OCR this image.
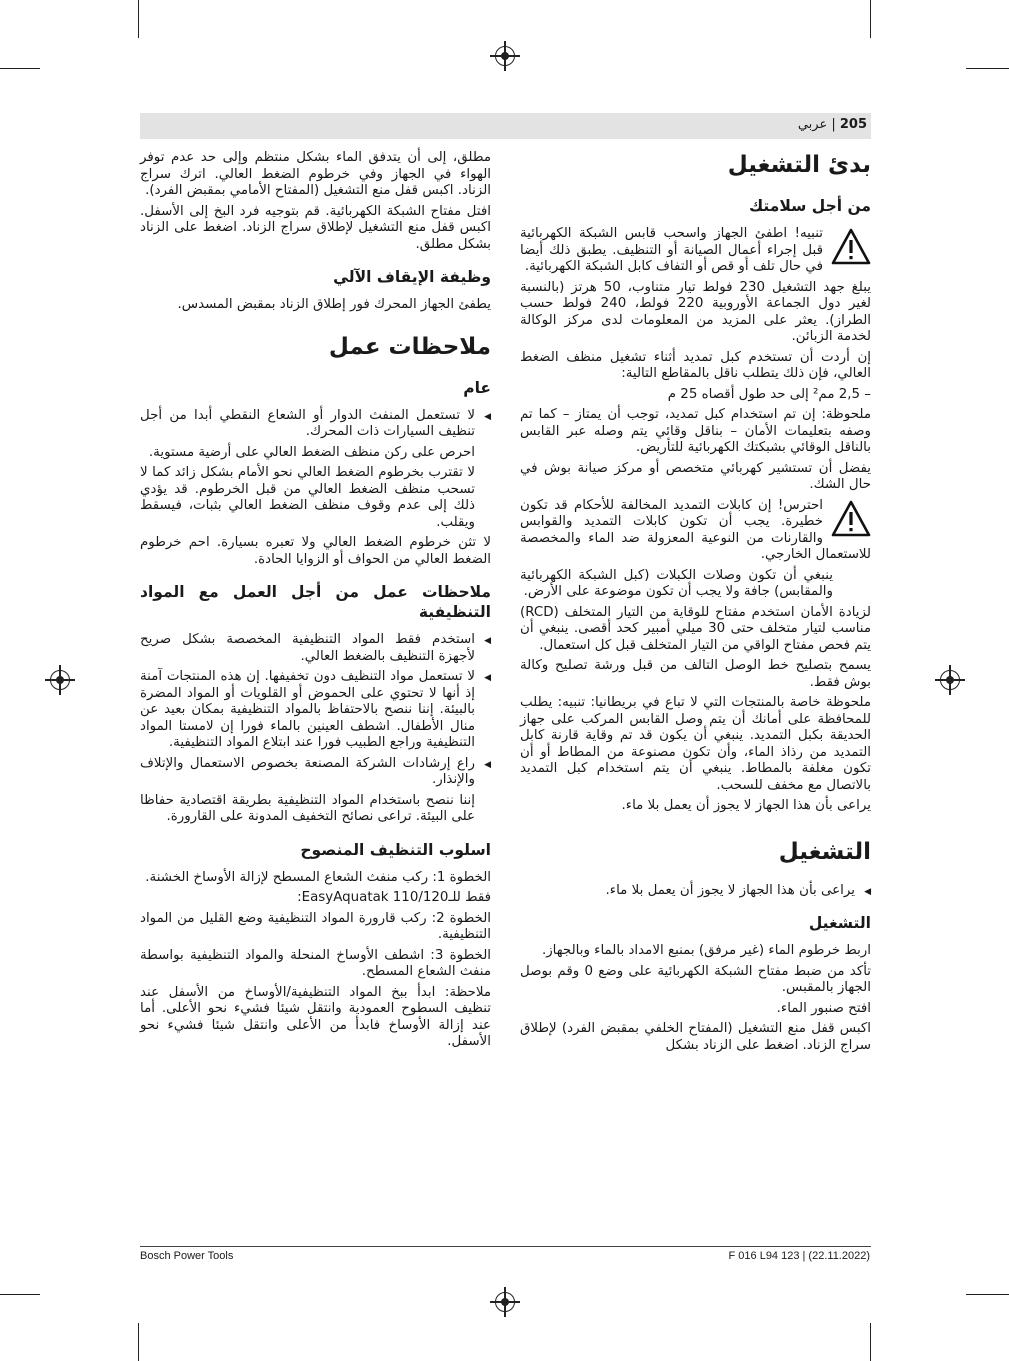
205 | عربي
بدئ التشغيل
من أجل سلامتك

تنبيه! اطفئ الجهاز واسحب قابس الشبكة الكهربائية قبل إجراء أعمال الصيانة أو التنظيف. يطبق ذلك أيضا في حال تلف أو قص أو التفاف كابل الشبكة الكهربائية.

يبلغ جهد التشغيل 230 فولط تيار متناوب، 50 هرتز (بالنسبة لغير دول الجماعة الأوروبية 220 فولط، 240 فولط حسب الطراز). يعثر على المزيد من المعلومات لدى مركز الوكالة لخدمة الزبائن.

إن أردت أن تستخدم كبل تمديد أثناء تشغيل منظف الضغط العالي، فإن ذلك يتطلب ناقل بالمقاطع التالية:

– 2,5 مم² إلى حد طول أقصاه 25 م

ملحوظة: إن تم استخدام كبل تمديد، توجب أن يمتاز – كما تم وصفه بتعليمات الأمان – بناقل وقائي يتم وصله عبر القابس بالناقل الوقائي بشبكتك الكهربائية للتأريض.

يفضل أن تستشير كهربائي متخصص أو مركز صيانة بوش في حال الشك.

احترس! إن كابلات التمديد المخالفة للأحكام قد تكون خطيرة. يجب أن تكون كابلات التمديد والقوابس والقارنات من النوعية المعزولة ضد الماء والمخصصة للاستعمال الخارجي.

ينبغي أن تكون وصلات الكبلات (كبل الشبكة الكهربائية والمقابس) جافة ولا يجب أن تكون موضوعة على الأرض.

لزيادة الأمان استخدم مفتاح للوقاية من التيار المتخلف (RCD) مناسب لتيار متخلف حتى 30 ميلي أمبير كحد أقصى. ينبغي أن يتم فحص مفتاح الواقي من التيار المتخلف قبل كل استعمال.

يسمح بتصليح خط الوصل التالف من قبل ورشة تصليح وكالة بوش فقط.

ملحوظة خاصة بالمنتجات التي لا تباع في بريطانيا: تنبيه: يطلب للمحافظة على أمانك أن يتم وصل القابس المركب على جهاز الحديقة بكبل التمديد. ينبغي أن يكون قد تم وقاية قارنة كابل التمديد من رذاذ الماء، وأن تكون مصنوعة من المطاط أو أن تكون مغلفة بالمطاط. ينبغي أن يتم استخدام كبل التمديد بالاتصال مع مخفف للسحب.

يراعى بأن هذا الجهاز لا يجوز أن يعمل بلا ماء.

التشغيل

◀ يراعى بأن هذا الجهاز لا يجوز أن يعمل بلا ماء.

التشغيل

اربط خرطوم الماء (غير مرفق) بمنبع الامداد بالماء وبالجهاز.

تأكد من ضبط مفتاح الشبكة الكهربائية على وضع 0 وقم بوصل الجهاز بالمقبس.

افتح صنبور الماء.

اكبس قفل منع التشغيل (المفتاح الخلفي بمقبض الفرد) لإطلاق سراج الزناد. اضغط على الزناد بشكل

مطلق، إلى أن يتدفق الماء بشكل منتظم وإلى حد عدم توفر الهواء في الجهاز وفي خرطوم الضغط العالي. اترك سراج الزناد. اكبس قفل منع التشغيل (المفتاح الأمامي بمقبض الفرد).

افتل مفتاح الشبكة الكهربائية. قم بتوجيه فرد البخ إلى الأسفل. اكبس قفل منع التشغيل لإطلاق سراج الزناد. اضغط على الزناد بشكل مطلق.

وظيفة الإيقاف الآلي

يطفئ الجهاز المحرك فور إطلاق الزناد بمقبض المسدس.

ملاحظات عمل
عام

◀ لا تستعمل المنفث الدوار أو الشعاع النقطي أبدا من أجل تنظيف السيارات ذات المحرك.

احرص على ركن منظف الضغط العالي على أرضية مستوية.

لا تقترب بخرطوم الضغط العالي نحو الأمام بشكل زائد كما لا تسحب منظف الضغط العالي من قبل الخرطوم. قد يؤدي ذلك إلى عدم وقوف منظف الضغط العالي بثبات، فيسقط ويقلب.

لا تثن خرطوم الضغط العالي ولا تعبره بسيارة. احم خرطوم الضغط العالي من الحواف أو الزوايا الحادة.

ملاحظات عمل من أجل العمل مع المواد التنظيفية

◀ استخدم فقط المواد التنظيفية المخصصة بشكل صريح لأجهزة التنظيف بالضغط العالي.

◀ لا تستعمل مواد التنظيف دون تخفيفها. إن هذه المنتجات آمنة إذ أنها لا تحتوي على الحموض أو القلويات أو المواد المضرة بالبيئة. إننا ننصح بالاحتفاظ بالمواد التنظيفية بمكان بعيد عن منال الأطفال. اشطف العينين بالماء فورا إن لامستا المواد التنظيفية وراجع الطبيب فورا عند ابتلاع المواد التنظيفية.

◀ راع إرشادات الشركة المصنعة بخصوص الاستعمال والإتلاف والإنذار.

إننا ننصح باستخدام المواد التنظيفية بطريقة اقتصادية حفاظا على البيئة. تراعى نصائح التخفيف المدونة على القارورة.

اسلوب التنظيف المنصوح

الخطوة 1: ركب منفث الشعاع المسطح لإزالة الأوساخ الخشنة.

فقط للـEasyAquatak 110/120:

الخطوة 2: ركب قارورة المواد التنظيفية وضع القليل من المواد التنظيفية.

الخطوة 3: اشطف الأوساخ المنحلة والمواد التنظيفية بواسطة منفث الشعاع المسطح.

ملاحظة: ابدأ ببخ المواد التنظيفية/الأوساخ من الأسفل عند تنظيف السطوح العمودية وانتقل شيئا فشيء نحو الأعلى. أما عند إزالة الأوساخ فابدأ من الأعلى وانتقل شيئا فشيء نحو الأسفل.

Bosch Power Tools	F 016 L94 123 | (22.11.2022)
